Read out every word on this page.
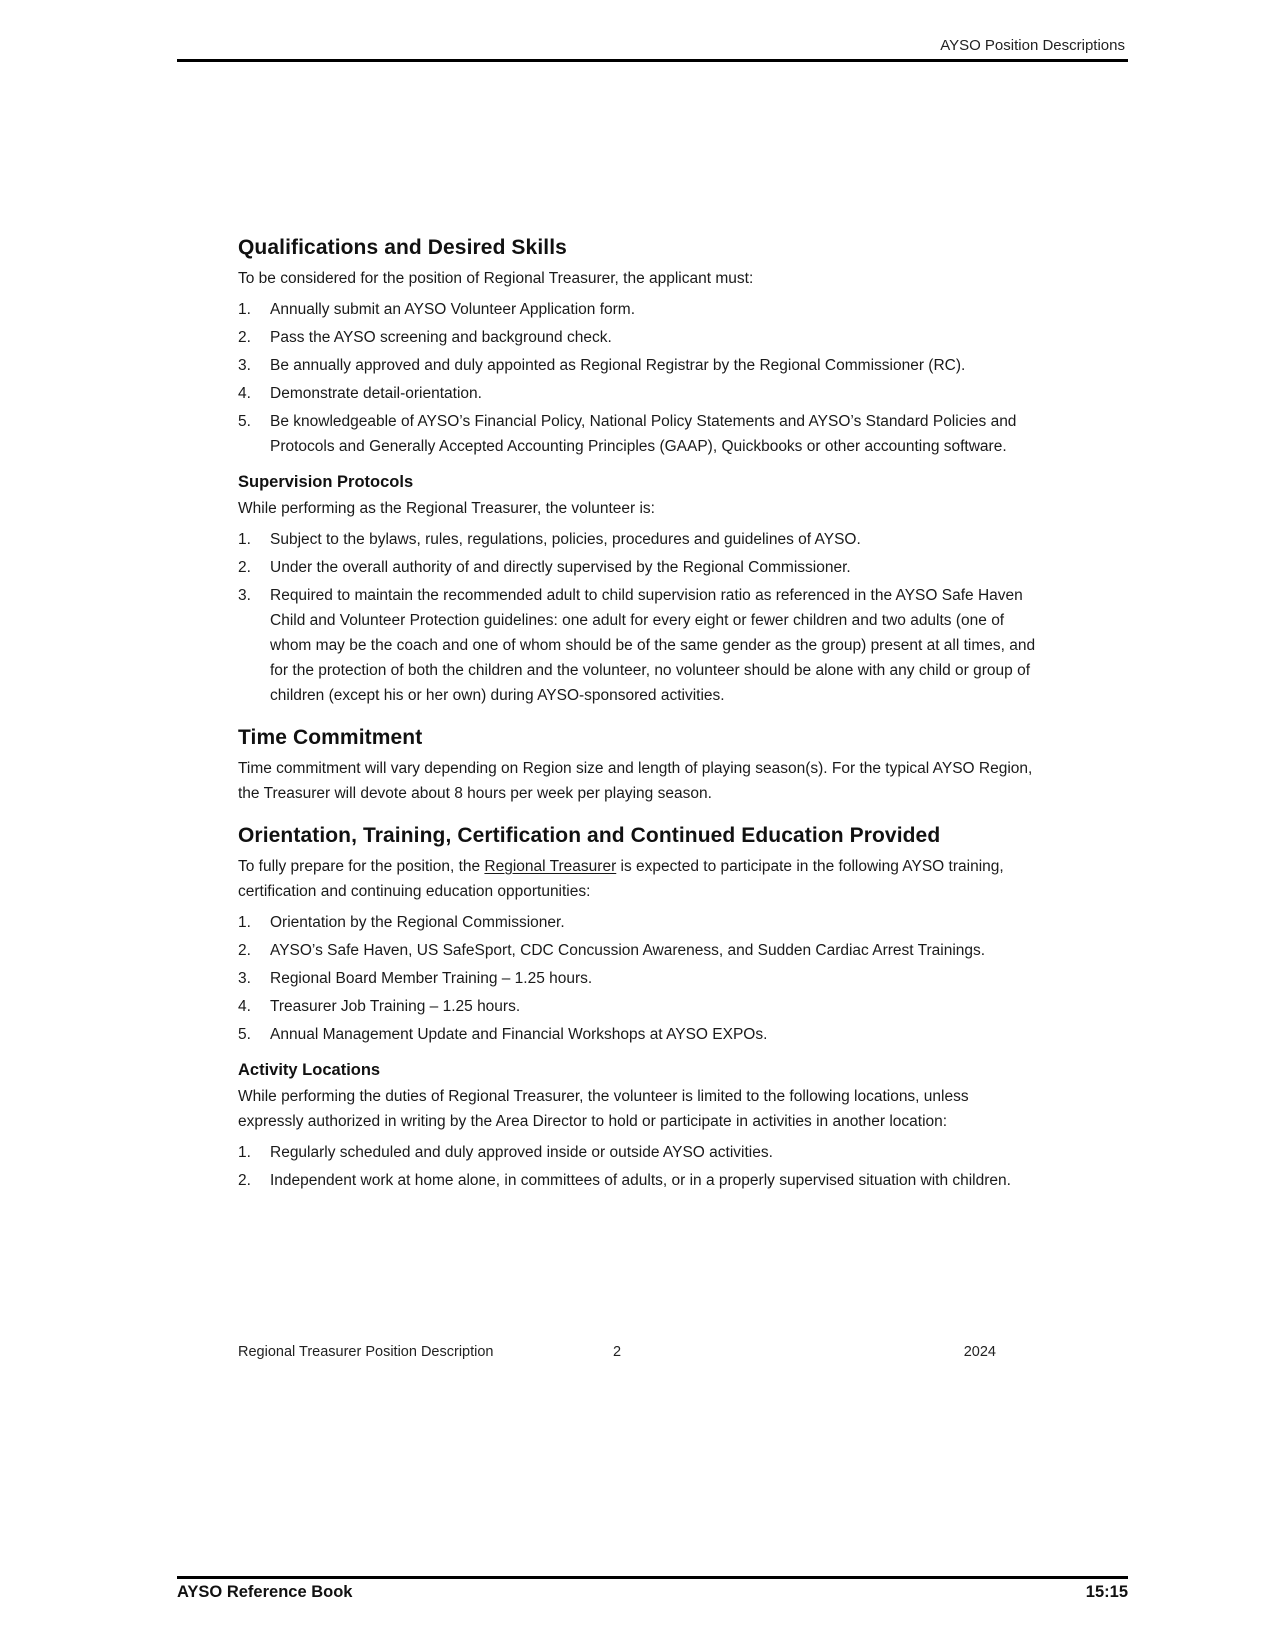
AYSO Position Descriptions
Qualifications and Desired Skills

To be considered for the position of Regional Treasurer, the applicant must:

1.	Annually submit an AYSO Volunteer Application form.
2.	Pass the AYSO screening and background check.
3.	Be annually approved and duly appointed as Regional Registrar by the Regional Commissioner (RC).
4.	Demonstrate detail-orientation.
5.	Be knowledgeable of AYSO’s Financial Policy, National Policy Statements and AYSO’s Standard Policies and Protocols and Generally Accepted Accounting Principles (GAAP), Quickbooks or other accounting software.
Supervision Protocols

While performing as the Regional Treasurer, the volunteer is:

1.	Subject to the bylaws, rules, regulations, policies, procedures and guidelines of AYSO.
2.	Under the overall authority of and directly supervised by the Regional Commissioner.
3.	Required to maintain the recommended adult to child supervision ratio as referenced in the AYSO Safe Haven Child and Volunteer Protection guidelines: one adult for every eight or fewer children and two adults (one of whom may be the coach and one of whom should be of the same gender as the group) present at all times, and for the protection of both the children and the volunteer, no volunteer should be alone with any child or group of children (except his or her own) during AYSO-sponsored activities.
Time Commitment

Time commitment will vary depending on Region size and length of playing season(s). For the typical AYSO Region, the Treasurer will devote about 8 hours per week per playing season.

Orientation, Training, Certification and Continued Education Provided

To fully prepare for the position, the Regional Treasurer is expected to participate in the following AYSO training, certification and continuing education opportunities:

1.	Orientation by the Regional Commissioner.
2.	AYSO’s Safe Haven, US SafeSport, CDC Concussion Awareness, and Sudden Cardiac Arrest Trainings.
3.	Regional Board Member Training – 1.25 hours.
4.	Treasurer Job Training – 1.25 hours.
5.	Annual Management Update and Financial Workshops at AYSO EXPOs.
Activity Locations

While performing the duties of Regional Treasurer, the volunteer is limited to the following locations, unless expressly authorized in writing by the Area Director to hold or participate in activities in another location:

1.	Regularly scheduled and duly approved inside or outside AYSO activities.
2.	Independent work at home alone, in committees of adults, or in a properly supervised situation with children.
Regional Treasurer Position Description	2	2024
AYSO Reference Book	15:15
